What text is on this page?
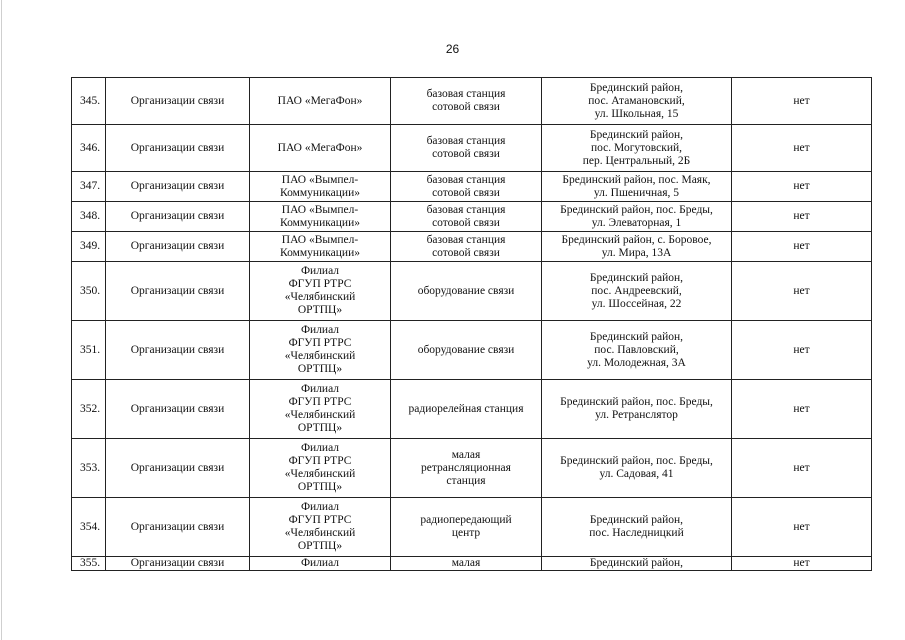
26
345.	Организации связи	ПАО «МегаФон»	базовая станция
сотовой связи	Брединский район,
пос. Атамановский,
ул. Школьная, 15	нет
346.	Организации связи	ПАО «МегаФон»	базовая станция
сотовой связи	Брединский район,
пос. Могутовский,
пер. Центральный, 2Б	нет
347.	Организации связи	ПАО «Вымпел-
Коммуникации»	базовая станция
сотовой связи	Брединский район, пос. Маяк,
ул. Пшеничная, 5	нет
348.	Организации связи	ПАО «Вымпел-
Коммуникации»	базовая станция
сотовой связи	Брединский район, пос. Бреды,
ул. Элеваторная, 1	нет
349.	Организации связи	ПАО «Вымпел-
Коммуникации»	базовая станция
сотовой связи	Брединский район, с. Боровое,
ул. Мира, 13А	нет
350.	Организации связи	Филиал
ФГУП РТРС
«Челябинский
ОРТПЦ»	оборудование связи	Брединский район,
пос. Андреевский,
ул. Шоссейная, 22	нет
351.	Организации связи	Филиал
ФГУП РТРС
«Челябинский
ОРТПЦ»	оборудование связи	Брединский район,
пос. Павловский,
ул. Молодежная, 3А	нет
352.	Организации связи	Филиал
ФГУП РТРС
«Челябинский
ОРТПЦ»	радиорелейная станция	Брединский район, пос. Бреды,
ул. Ретранслятор	нет
353.	Организации связи	Филиал
ФГУП РТРС
«Челябинский
ОРТПЦ»	малая
ретрансляционная
станция	Брединский район, пос. Бреды,
ул. Садовая, 41	нет
354.	Организации связи	Филиал
ФГУП РТРС
«Челябинский
ОРТПЦ»	радиопередающий
центр	Брединский район,
пос. Наследницкий	нет
355.	Организации связи	Филиал	малая	Брединский район,	нет
